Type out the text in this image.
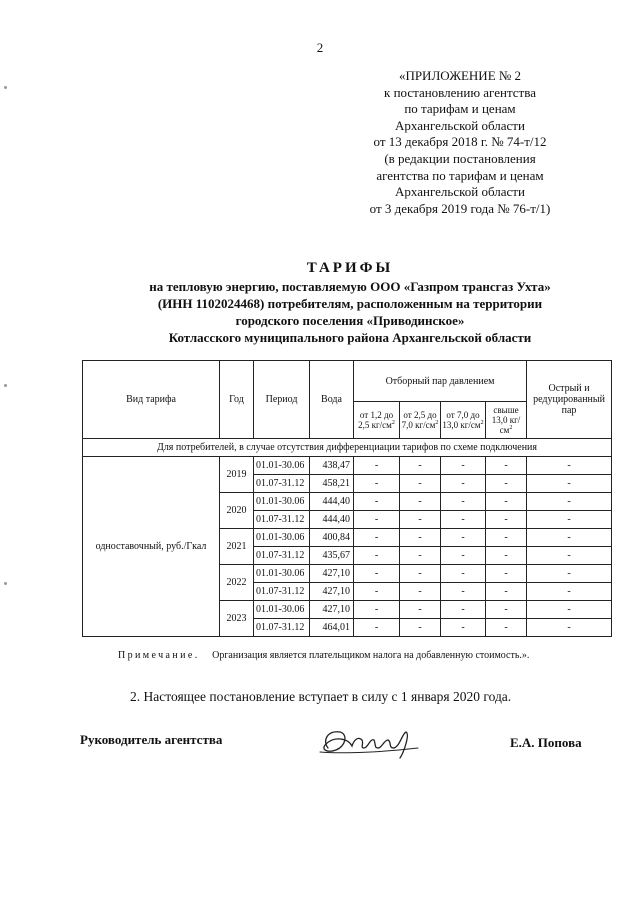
2
«ПРИЛОЖЕНИЕ № 2
к постановлению агентства
по тарифам и ценам
Архангельской области
от 13 декабря 2018 г. № 74-т/12
(в редакции постановления
агентства по тарифам и ценам
Архангельской области
от 3 декабря 2019 года № 76-т/1)
ТАРИФЫ
на тепловую энергию, поставляемую ООО «Газпром трансгаз Ухта»
(ИНН 1102024468) потребителям, расположенным на территории
городского поселения «Приводинское»
Котласского муниципального района Архангельской области
Вид тарифа	Год	Период	Вода	Отборный пар давлением				Острый и редуцированный пар
				от 1,2 до 2,5 $кг/см^2$	от 2,5 до 7,0 $кг/см^2$	от 7,0 до 13,0 $кг/см^2$	свыше 13,0 $кг/см^2$
Для потребителей, в случае отсутствия дифференциации тарифов по схеме подключения								
одноставочный, руб./Гкал	2019	01.01-30.06	438,47	-	-	-	-	-
		01.07-31.12	458,21	-	-	-	-	-
	2020	01.01-30.06	444,40	-	-	-	-	-
		01.07-31.12	444,40	-	-	-	-	-
	2021	01.01-30.06	400,84	-	-	-	-	-
		01.07-31.12	435,67	-	-	-	-	-
	2022	01.01-30.06	427,10	-	-	-	-	-
		01.07-31.12	427,10	-	-	-	-	-
	2023	01.01-30.06	427,10	-	-	-	-	-
		01.07-31.12	464,01	-	-	-	-	-
Примечание. Организация является плательщиком налога на добавленную стоимость.».
2. Настоящее постановление вступает в силу с 1 января 2020 года.
Руководитель агентства	Е.А. Попова
